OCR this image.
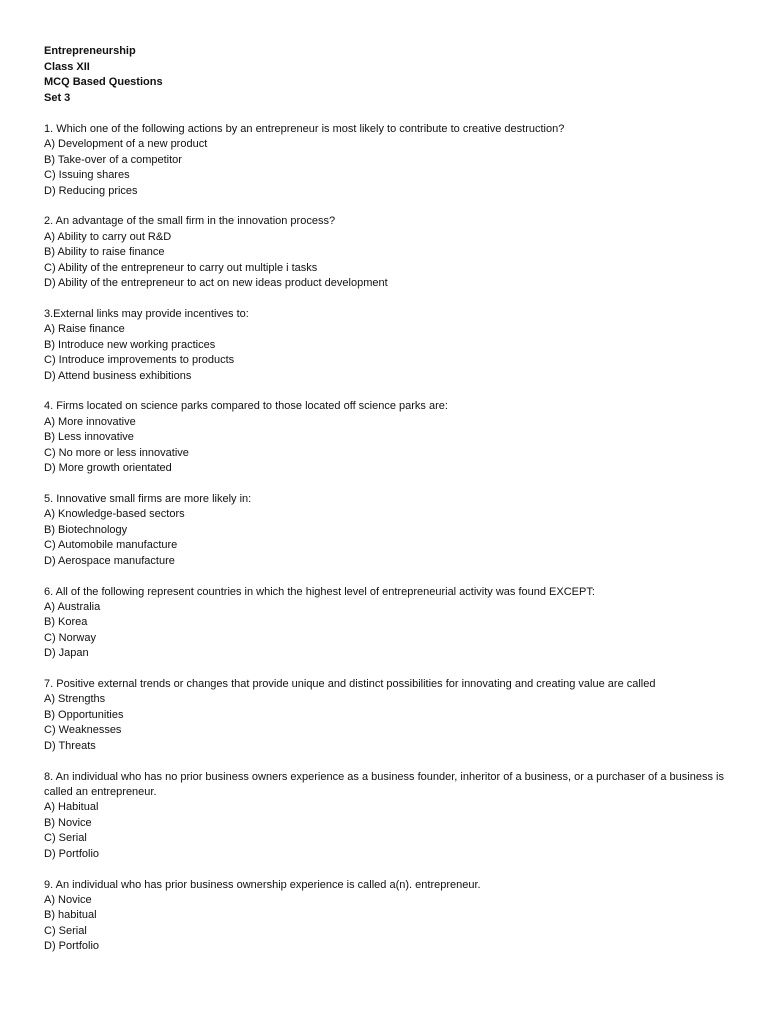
Entrepreneurship
Class XII
MCQ Based Questions
Set 3
1. Which one of the following actions by an entrepreneur is most likely to contribute to creative destruction?
A) Development of a new product
B) Take-over of a competitor
C) Issuing shares
D) Reducing prices
2. An advantage of the small firm in the innovation process?
A) Ability to carry out R&D
B) Ability to raise finance
C) Ability of the entrepreneur to carry out multiple i tasks
D) Ability of the entrepreneur to act on new ideas product development
3.External links may provide incentives to:
A) Raise finance
B) Introduce new working practices
C) Introduce improvements to products
D) Attend business exhibitions
4. Firms located on science parks compared to those located off science parks are:
A) More innovative
B) Less innovative
C) No more or less innovative
D) More growth orientated
5. Innovative small firms are more likely in:
A) Knowledge-based sectors
B) Biotechnology
C) Automobile manufacture
D) Aerospace manufacture
6. All of the following represent countries in which the highest level of entrepreneurial activity was found EXCEPT:
A) Australia
B) Korea
C) Norway
D) Japan
7. Positive external trends or changes that provide unique and distinct possibilities for innovating and creating value are called
A) Strengths
B) Opportunities
C) Weaknesses
D) Threats
8. An individual who has no prior business owners experience as a business founder, inheritor of a business, or a purchaser of a business is called an entrepreneur.
A) Habitual
B) Novice
C) Serial
D) Portfolio
9. An individual who has prior business ownership experience is called a(n). entrepreneur.
A) Novice
B) habitual
C) Serial
D) Portfolio
